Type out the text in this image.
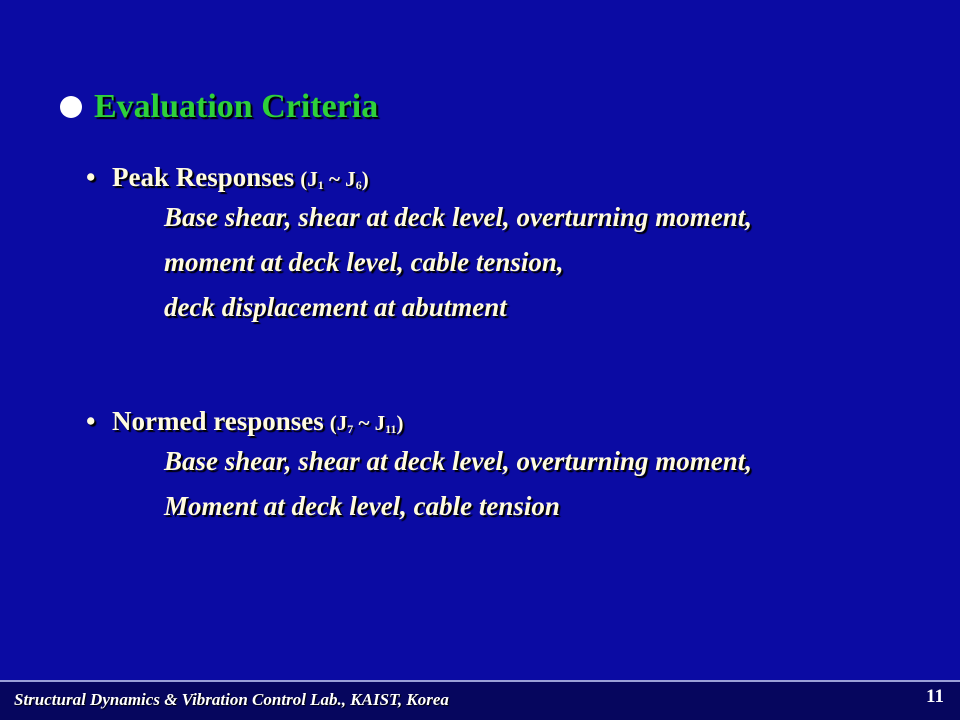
Evaluation Criteria
• Peak Responses ($J_1$ ~ $J_6$)
Base shear, shear at deck level, overturning moment,
moment at deck level, cable tension,
deck displacement at abutment
• Normed responses ($J_7$ ~ $J_{11}$)
Base shear, shear at deck level, overturning moment,
Moment at deck level, cable tension
Structural Dynamics & Vibration Control Lab., KAIST, Korea	11
